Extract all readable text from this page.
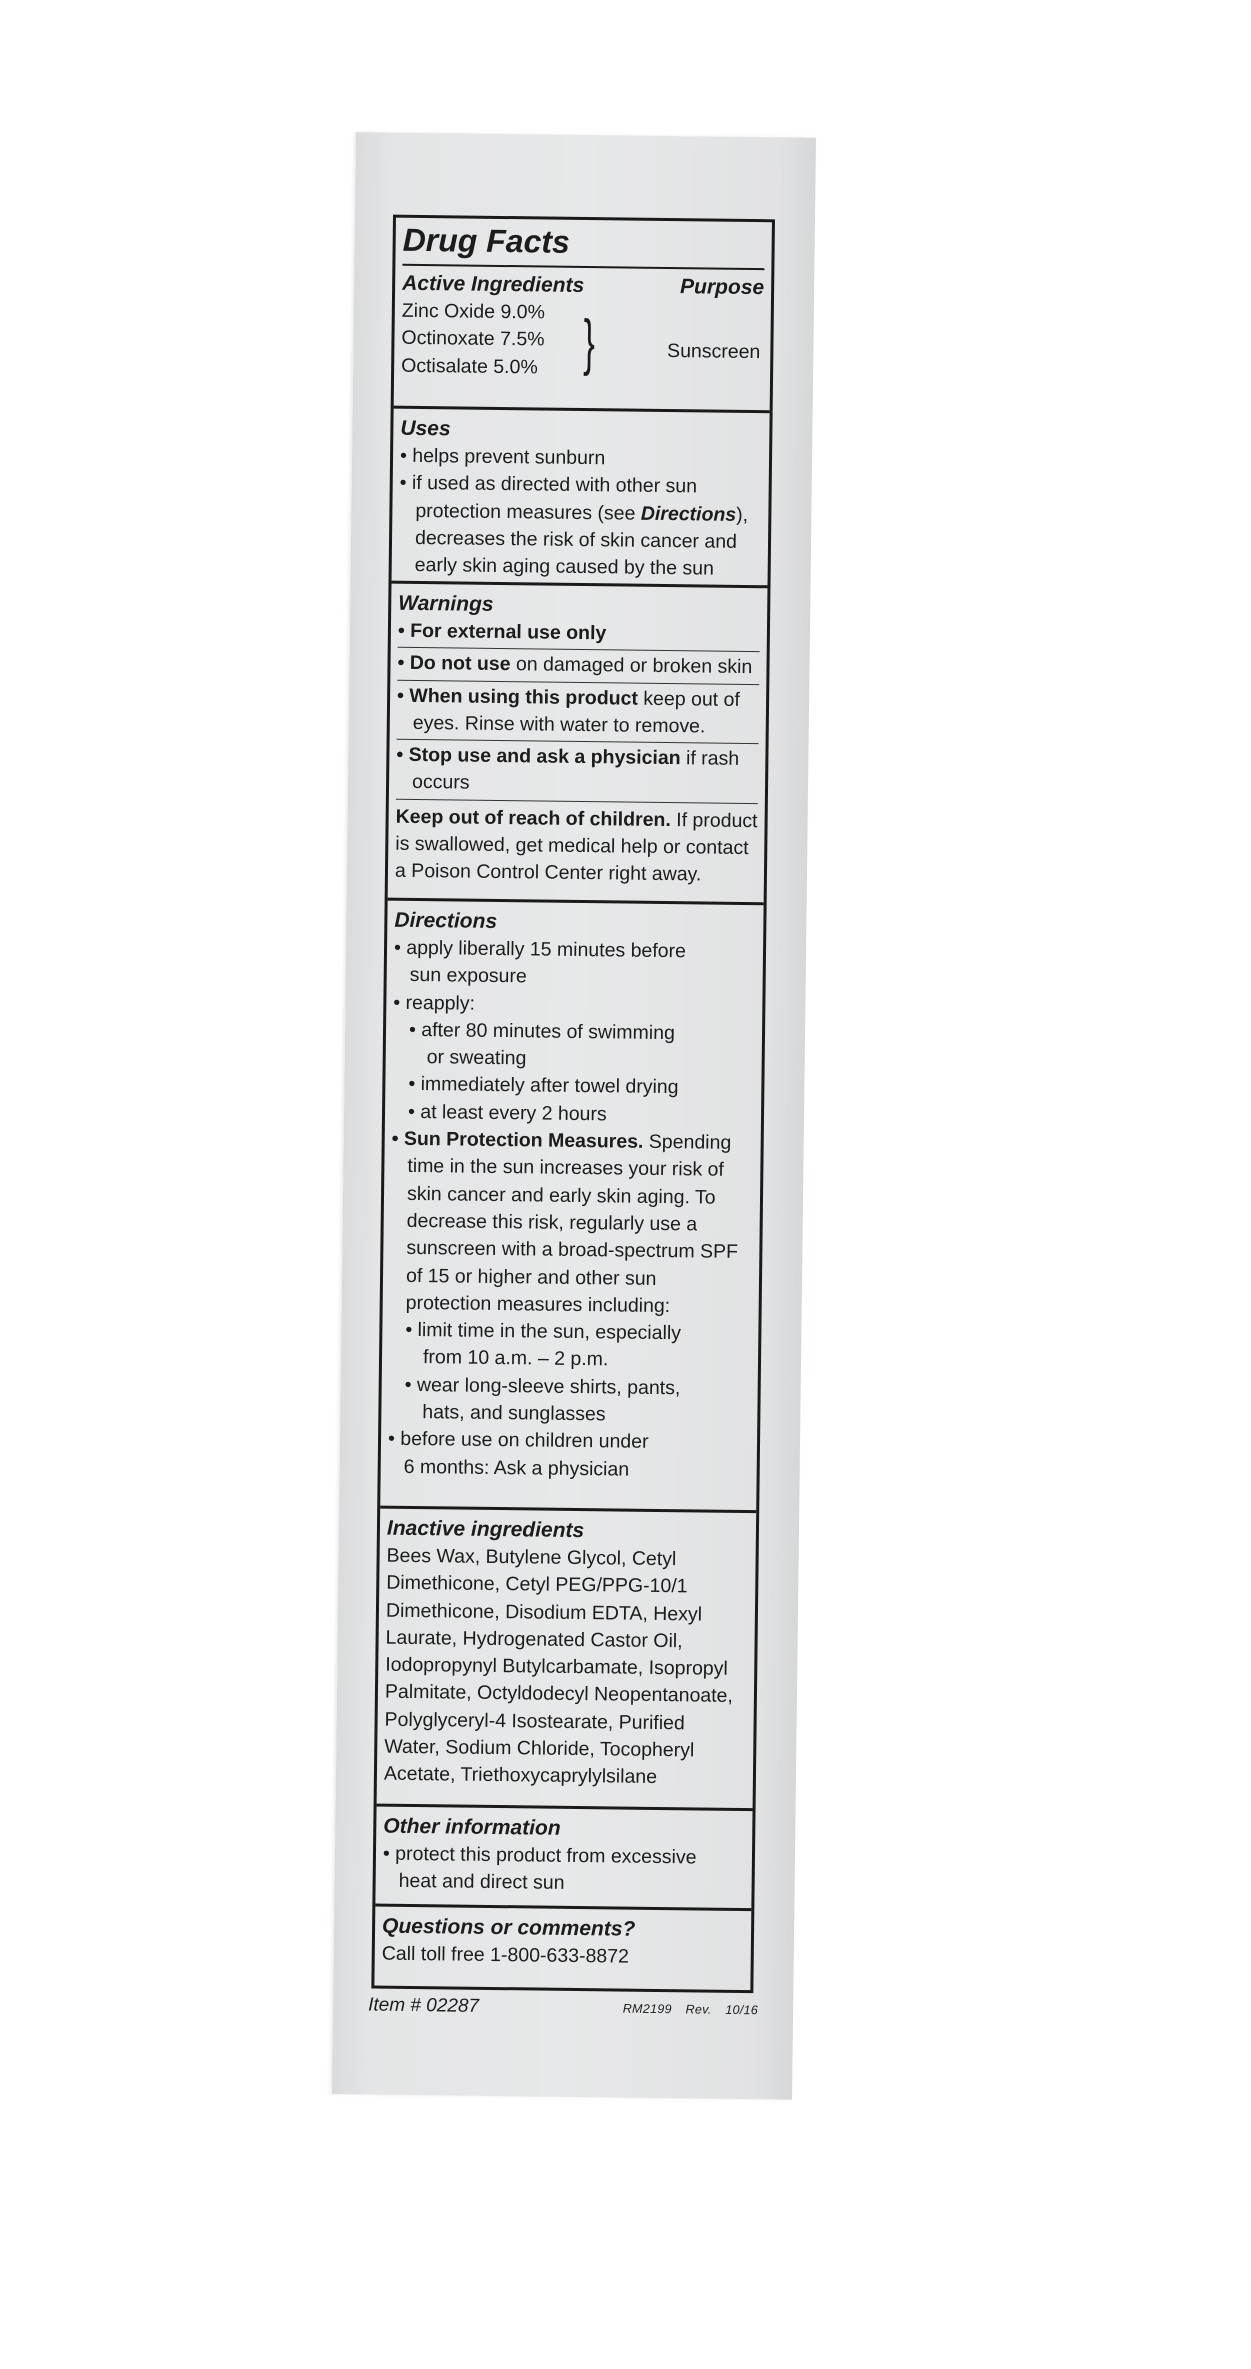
Drug Facts
Active Ingredients	Purpose
Zinc Oxide 9.0%
Octinoxate 7.5%
Octisalate 5.0% }	Sunscreen
Uses
• helps prevent sunburn
• if used as directed with other sun
protection measures (see Directions),
decreases the risk of skin cancer and
early skin aging caused by the sun
Warnings
• For external use only
• Do not use on damaged or broken skin
• When using this product keep out of
eyes. Rinse with water to remove.
• Stop use and ask a physician if rash
occurs
Keep out of reach of children. If product
is swallowed, get medical help or contact
a Poison Control Center right away.
Directions
• apply liberally 15 minutes before
sun exposure
• reapply:
• after 80 minutes of swimming
or sweating
• immediately after towel drying
• at least every 2 hours
• Sun Protection Measures. Spending
time in the sun increases your risk of
skin cancer and early skin aging. To
decrease this risk, regularly use a
sunscreen with a broad-spectrum SPF
of 15 or higher and other sun
protection measures including:
• limit time in the sun, especially
from 10 a.m. – 2 p.m.
• wear long-sleeve shirts, pants,
hats, and sunglasses
• before use on children under
6 months: Ask a physician
Inactive ingredients
Bees Wax, Butylene Glycol, Cetyl
Dimethicone, Cetyl PEG/PPG-10/1
Dimethicone, Disodium EDTA, Hexyl
Laurate, Hydrogenated Castor Oil,
Iodopropynyl Butylcarbamate, Isopropyl
Palmitate, Octyldodecyl Neopentanoate,
Polyglyceryl-4 Isostearate, Purified
Water, Sodium Chloride, Tocopheryl
Acetate, Triethoxycaprylylsilane
Other information
• protect this product from excessive
heat and direct sun
Questions or comments?
Call toll free 1-800-633-8872
Item # 02287	RM2199 Rev. 10/16
